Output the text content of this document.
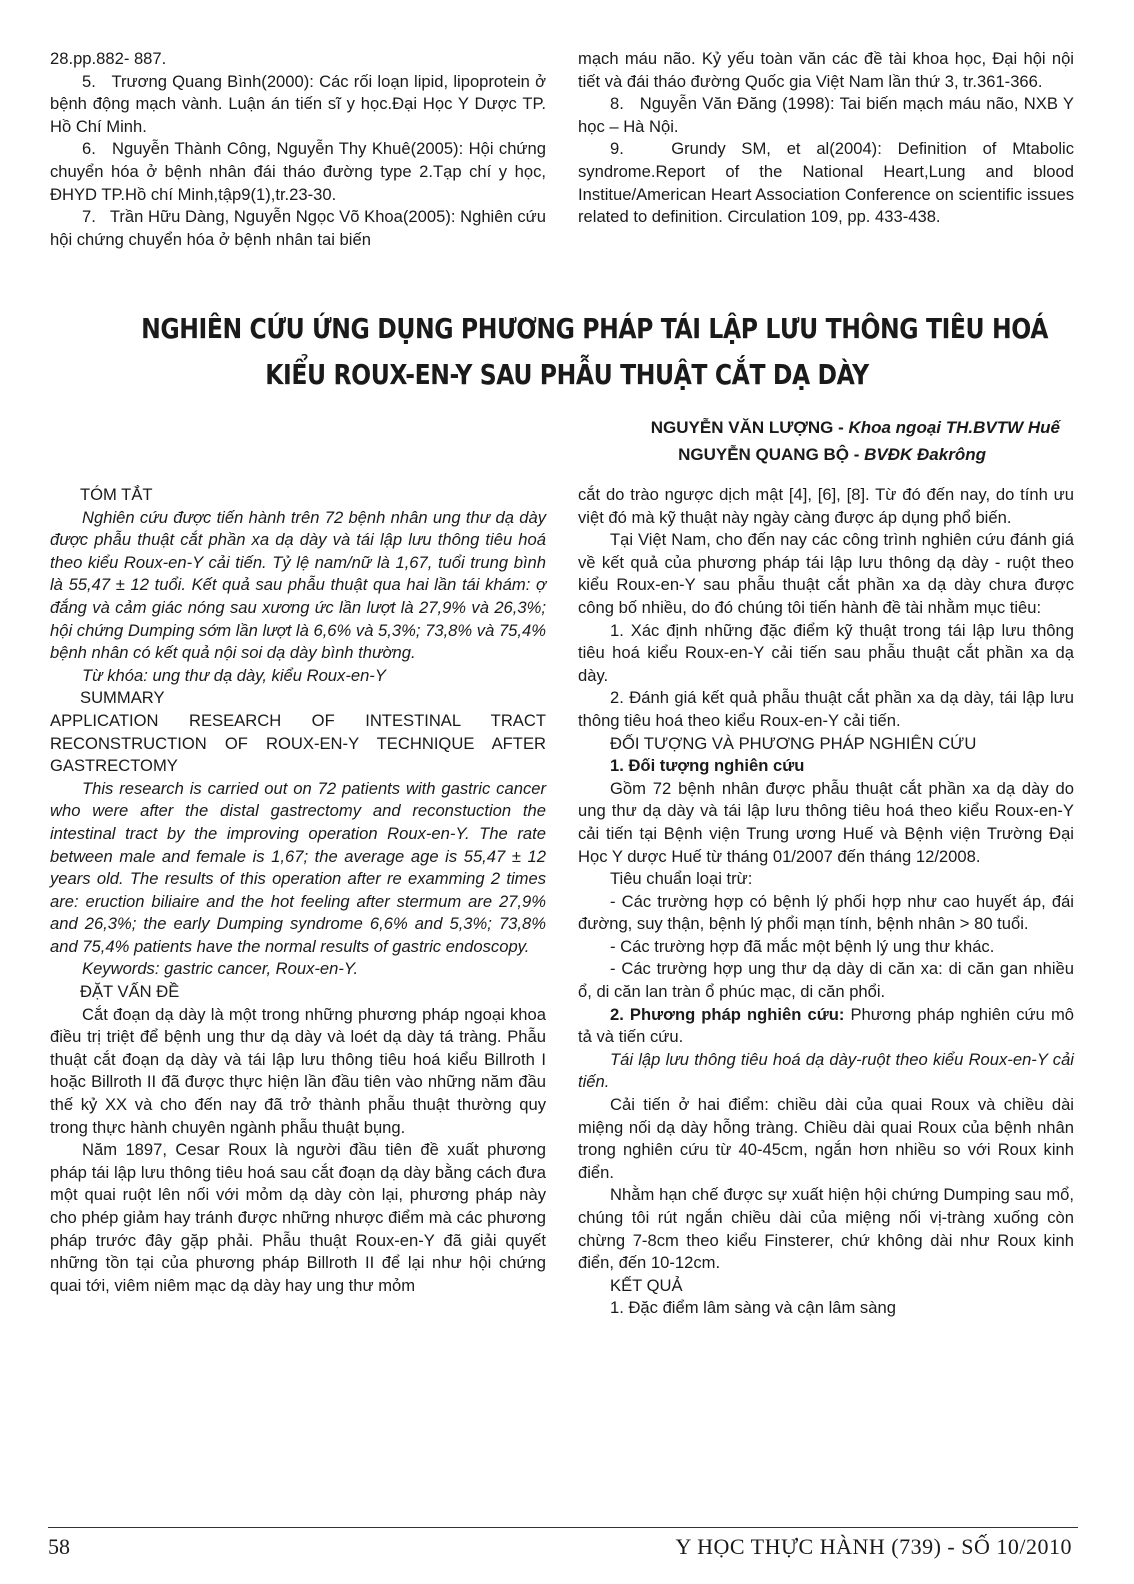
28.pp.882- 887.

5.   Trương Quang Bình(2000): Các rối loạn lipid, lipoprotein ở bệnh động mạch vành. Luận án tiến sĩ y học.Đại Học Y Dược TP. Hồ Chí Minh.

6.   Nguyễn Thành Công, Nguyễn Thy Khuê(2005): Hội chứng chuyển hóa ở bệnh nhân đái tháo đường type 2.Tạp chí y học, ĐHYD TP.Hồ chí Minh,tập9(1),tr.23-30.

7.   Trần Hữu Dàng, Nguyễn Ngọc Võ Khoa(2005): Nghiên cứu hội chứng chuyển hóa ở bệnh nhân tai biến

mạch máu não. Kỷ yếu toàn văn các đề tài khoa học, Đại hội nội tiết và đái tháo đường Quốc gia Việt Nam lần thứ 3, tr.361-366.

8.   Nguyễn Văn Đăng (1998): Tai biến mạch máu não, NXB Y học – Hà Nội.

9.   Grundy SM, et al(2004): Definition of Mtabolic syndrome.Report of the National Heart,Lung and blood Institue/American Heart Association Conference on scientific issues related to definition. Circulation 109, pp. 433-438.

NGHIÊN CỨU ỨNG DỤNG PHƯƠNG PHÁP TÁI LẬP LƯU THÔNG TIÊU HOÁ
KIỂU ROUX-EN-Y SAU PHẪU THUẬT CẮT DẠ DÀY
NGUYỄN VĂN LƯỢNG - Khoa ngoại TH.BVTW Huế
NGUYỄN QUANG BỘ - BVĐK Đakrông

TÓM TẮT

Nghiên cứu được tiến hành trên 72 bệnh nhân ung thư dạ dày được phẫu thuật cắt phần xa dạ dày và tái lập lưu thông tiêu hoá theo kiểu Roux-en-Y cải tiến. Tỷ lệ nam/nữ là 1,67, tuổi trung bình là 55,47 ± 12 tuổi. Kết quả sau phẫu thuật qua hai lần tái khám: ợ đắng và cảm giác nóng sau xương ức lần lượt là 27,9% và 26,3%; hội chứng Dumping sớm lần lượt là 6,6% và 5,3%; 73,8% và 75,4% bệnh nhân có kết quả nội soi dạ dày bình thường.

Từ khóa: ung thư dạ dày, kiểu Roux-en-Y

SUMMARY

APPLICATION RESEARCH OF INTESTINAL TRACT RECONSTRUCTION OF ROUX-EN-Y TECHNIQUE AFTER GASTRECTOMY

This research is carried out on 72 patients with gastric cancer who were after the distal gastrectomy and reconstuction the intestinal tract by the improving operation Roux-en-Y. The rate between male and female is 1,67; the average age is 55,47 ± 12 years old. The results of this operation after re examming 2 times are: eruction biliaire and the hot feeling after stermum are 27,9% and 26,3%; the early Dumping syndrome 6,6% and 5,3%; 73,8% and 75,4% patients have the normal results of gastric endoscopy.

Keywords: gastric cancer, Roux-en-Y.

ĐẶT VẤN ĐỀ

Cắt đoạn dạ dày là một trong những phương pháp ngoại khoa điều trị triệt để bệnh ung thư dạ dày và loét dạ dày tá tràng. Phẫu thuật cắt đoạn dạ dày và tái lập lưu thông tiêu hoá kiểu Billroth I hoặc Billroth II đã được thực hiện lần đầu tiên vào những năm đầu thế kỷ XX và cho đến nay đã trở thành phẫu thuật thường quy trong thực hành chuyên ngành phẫu thuật bụng.

Năm 1897, Cesar Roux là người đầu tiên đề xuất phương pháp tái lập lưu thông tiêu hoá sau cắt đoạn dạ dày bằng cách đưa một quai ruột lên nối với mỏm dạ dày còn lại, phương pháp này cho phép giảm hay tránh được những nhược điểm mà các phương pháp trước đây gặp phải. Phẫu thuật Roux-en-Y đã giải quyết những tồn tại của phương pháp Billroth II để lại như hội chứng quai tới, viêm niêm mạc dạ dày hay ung thư mỏm

cắt do trào ngược dịch mật [4], [6], [8]. Từ đó đến nay, do tính ưu việt đó mà kỹ thuật này ngày càng được áp dụng phổ biến.

Tại Việt Nam, cho đến nay các công trình nghiên cứu đánh giá về kết quả của phương pháp tái lập lưu thông dạ dày - ruột theo kiểu Roux-en-Y sau phẫu thuật cắt phần xa dạ dày chưa được công bố nhiều, do đó chúng tôi tiến hành đề tài nhằm mục tiêu:

1. Xác định những đặc điểm kỹ thuật trong tái lập lưu thông tiêu hoá kiểu Roux-en-Y cải tiến sau phẫu thuật cắt phần xa dạ dày.

2. Đánh giá kết quả phẫu thuật cắt phần xa dạ dày, tái lập lưu thông tiêu hoá theo kiểu Roux-en-Y cải tiến.

ĐỐI TƯỢNG VÀ PHƯƠNG PHÁP NGHIÊN CỨU

1. Đối tượng nghiên cứu

Gồm 72 bệnh nhân được phẫu thuật cắt phần xa dạ dày do ung thư dạ dày và tái lập lưu thông tiêu hoá theo kiểu Roux-en-Y cải tiến tại Bệnh viện Trung ương Huế và Bệnh viện Trường Đại Học Y dược Huế từ tháng 01/2007 đến tháng 12/2008.

Tiêu chuẩn loại trừ:

- Các trường hợp có bệnh lý phối hợp như cao huyết áp, đái đường, suy thận, bệnh lý phổi mạn tính, bệnh nhân > 80 tuổi.

- Các trường hợp đã mắc một bệnh lý ung thư khác.

- Các trường hợp ung thư dạ dày di căn xa: di căn gan nhiều ổ, di căn lan tràn ổ phúc mạc, di căn phổi.

2. Phương pháp nghiên cứu: Phương pháp nghiên cứu mô tả và tiến cứu.

Tái lập lưu thông tiêu hoá dạ dày-ruột theo kiểu Roux-en-Y cải tiến.

Cải tiến ở hai điểm: chiều dài của quai Roux và chiều dài miệng nối dạ dày hỗng tràng. Chiều dài quai Roux của bệnh nhân trong nghiên cứu từ 40-45cm, ngắn hơn nhiều so với Roux kinh điển.

Nhằm hạn chế được sự xuất hiện hội chứng Dumping sau mổ, chúng tôi rút ngắn chiều dài của miệng nối vị-tràng xuống còn chừng 7-8cm theo kiểu Finsterer, chứ không dài như Roux kinh điển, đến 10-12cm.

KẾT QUẢ

1. Đặc điểm lâm sàng và cận lâm sàng

58	Y HỌC THỰC HÀNH (739) - SỐ 10/2010
